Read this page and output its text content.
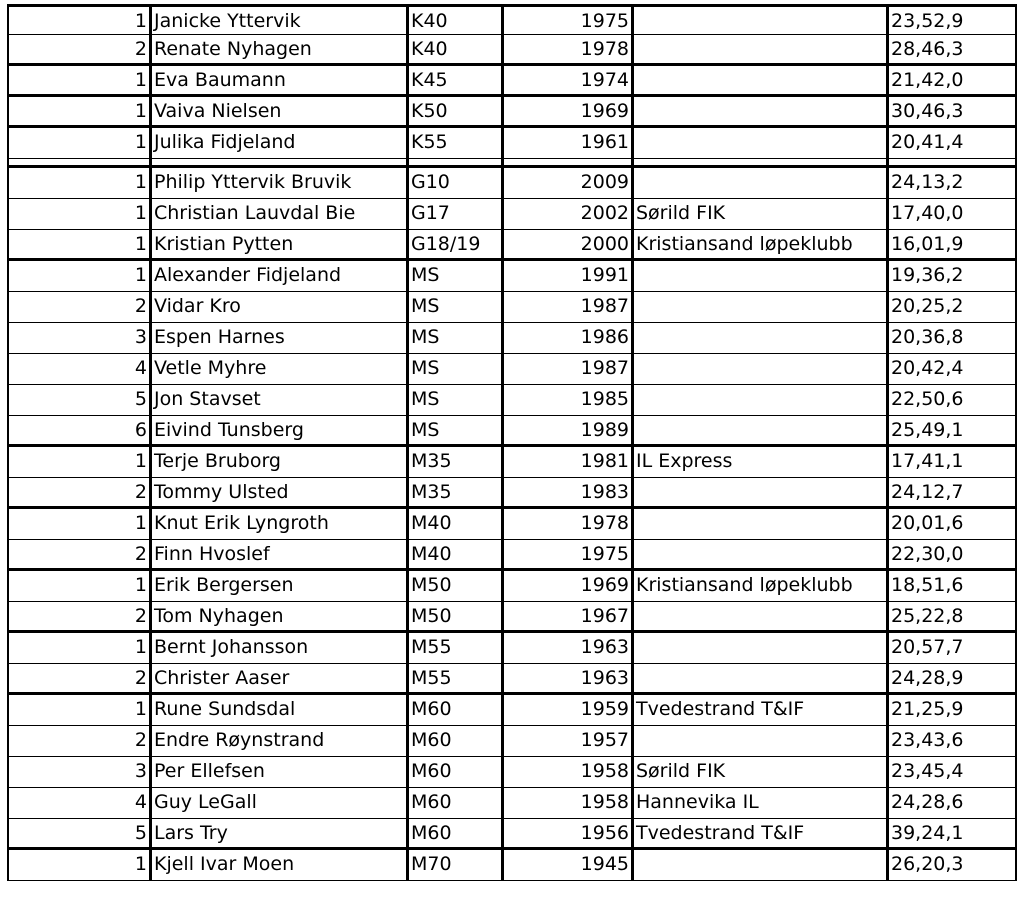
1 Janicke Yttervik	K40	1975	23,52,9
2 Renate Nyhagen	K40	1978	28,46,3
1 Eva Baumann	K45	1974	21,42,0
1 Vaiva Nielsen	K50	1969	30,46,3
1 Julika Fidjeland	K55	1961	20,41,4
1 Philip Yttervik Bruvik	G10	2009	24,13,2
1 Christian Lauvdal Bie	G17	2002 Sørild FIK	17,40,0
1 Kristian Pytten	G18/19	2000 Kristiansand løpeklubb	16,01,9
1 Alexander Fidjeland	MS	1991	19,36,2
2 Vidar Kro	MS	1987	20,25,2
3 Espen Harnes	MS	1986	20,36,8
4 Vetle Myhre	MS	1987	20,42,4
5 Jon Stavset	MS	1985	22,50,6
6 Eivind Tunsberg	MS	1989	25,49,1
1 Terje Bruborg	M35	1981 IL Express	17,41,1
2 Tommy Ulsted	M35	1983	24,12,7
1 Knut Erik Lyngroth	M40	1978	20,01,6
2 Finn Hvoslef	M40	1975	22,30,0
1 Erik Bergersen	M50	1969 Kristiansand løpeklubb	18,51,6
2 Tom Nyhagen	M50	1967	25,22,8
1 Bernt Johansson	M55	1963	20,57,7
2 Christer Aaser	M55	1963	24,28,9
1 Rune Sundsdal	M60	1959 Tvedestrand T&IF	21,25,9
2 Endre Røynstrand	M60	1957	23,43,6
3 Per Ellefsen	M60	1958 Sørild FIK	23,45,4
4 Guy LeGall	M60	1958 Hannevika IL	24,28,6
5 Lars Try	M60	1956 Tvedestrand T&IF	39,24,1
1 Kjell Ivar Moen	M70	1945	26,20,3
